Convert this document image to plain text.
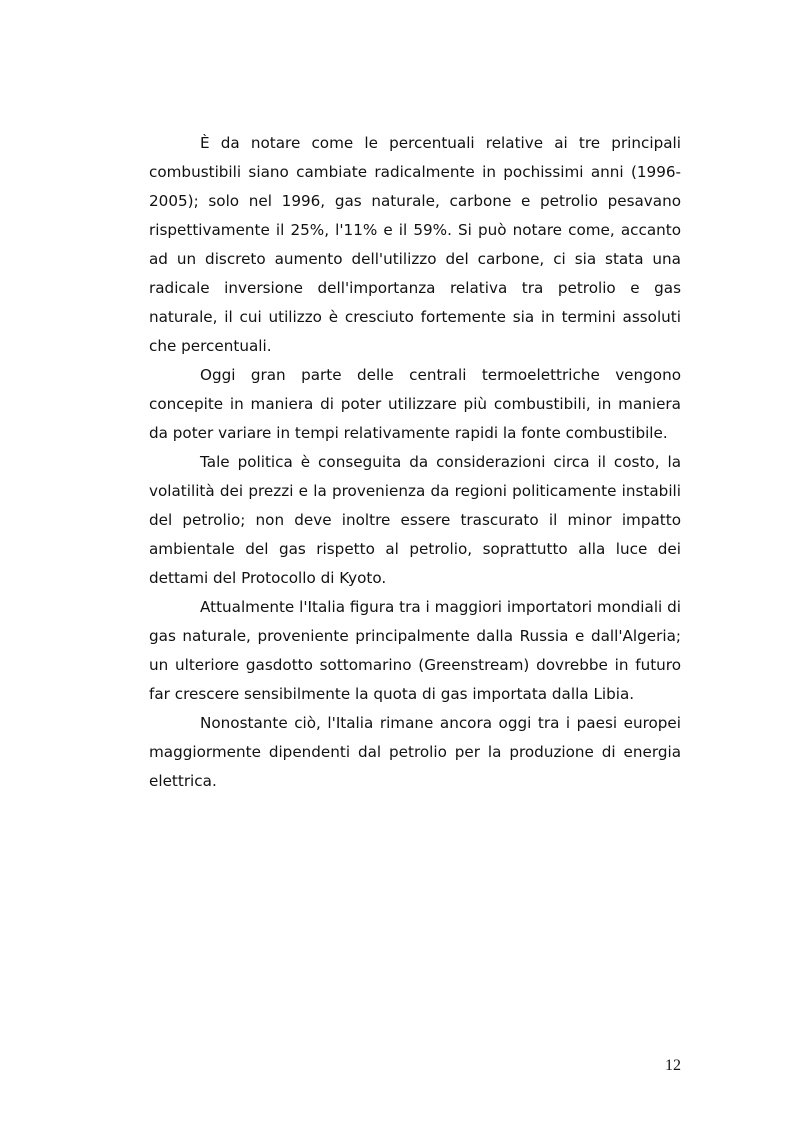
È da notare come le percentuali relative ai tre principali combustibili siano cambiate radicalmente in pochissimi anni (1996-2005); solo nel 1996, gas naturale, carbone e petrolio pesavano rispettivamente il 25%, l'11% e il 59%. Si può notare come, accanto ad un discreto aumento dell'utilizzo del carbone, ci sia stata una radicale inversione dell'importanza relativa tra petrolio e gas naturale, il cui utilizzo è cresciuto fortemente sia in termini assoluti che percentuali.

Oggi gran parte delle centrali termoelettriche vengono concepite in maniera di poter utilizzare più combustibili, in maniera da poter variare in tempi relativamente rapidi la fonte combustibile.

Tale politica è conseguita da considerazioni circa il costo, la volatilità dei prezzi e la provenienza da regioni politicamente instabili del petrolio; non deve inoltre essere trascurato il minor impatto ambientale del gas rispetto al petrolio, soprattutto alla luce dei dettami del Protocollo di Kyoto.

Attualmente l'Italia figura tra i maggiori importatori mondiali di gas naturale, proveniente principalmente dalla Russia e dall'Algeria; un ulteriore gasdotto sottomarino (Greenstream) dovrebbe in futuro far crescere sensibilmente la quota di gas importata dalla Libia.

Nonostante ciò, l'Italia rimane ancora oggi tra i paesi europei maggiormente dipendenti dal petrolio per la produzione di energia elettrica.

12
